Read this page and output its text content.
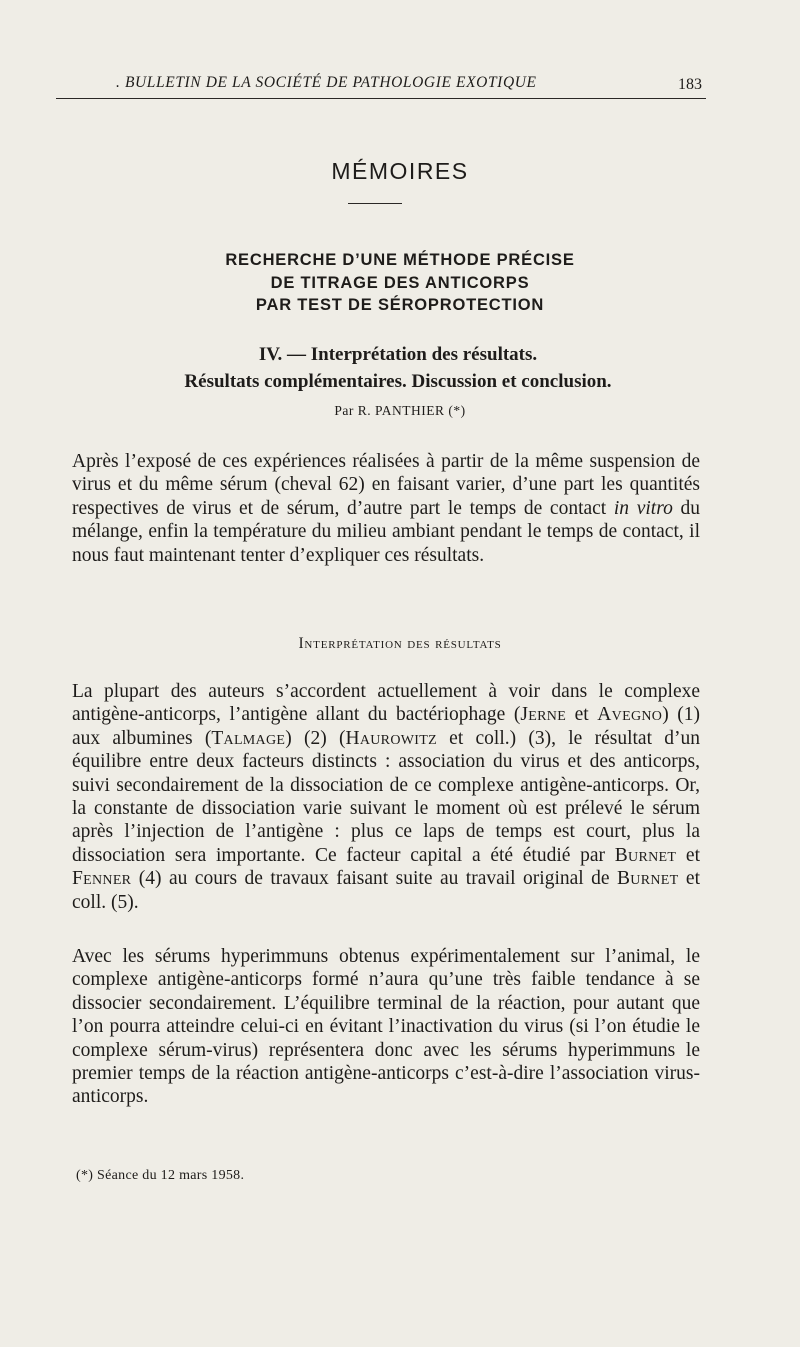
. BULLETIN DE LA SOCIÉTÉ DE PATHOLOGIE EXOTIQUE	183
MÉMOIRES
RECHERCHE D’UNE MÉTHODE PRÉCISE
DE TITRAGE DES ANTICORPS
PAR TEST DE SÉROPROTECTION
IV. — Interprétation des résultats.
Résultats complémentaires. Discussion et conclusion.
Par R. PANTHIER (*)

Après l’exposé de ces expériences réalisées à partir de la même suspension de virus et du même sérum (cheval 62) en faisant varier, d’une part les quantités respectives de virus et de sérum, d’autre part le temps de contact in vitro du mélange, enfin la température du milieu ambiant pendant le temps de contact, il nous faut maintenant tenter d’expliquer ces résultats.

Interprétation des résultats

La plupart des auteurs s’accordent actuellement à voir dans le complexe antigène-anticorps, l’antigène allant du bactériophage (Jerne et Avegno) (1) aux albumines (Talmage) (2) (Haurowitz et coll.) (3), le résultat d’un équilibre entre deux facteurs distincts : association du virus et des anticorps, suivi secondairement de la dissociation de ce complexe antigène-anticorps. Or, la constante de dissociation varie suivant le moment où est prélevé le sérum après l’injection de l’antigène : plus ce laps de temps est court, plus la dissociation sera importante. Ce facteur capital a été étudié par Burnet et Fenner (4) au cours de travaux faisant suite au travail original de Burnet et coll. (5).

Avec les sérums hyperimmuns obtenus expérimentalement sur l’animal, le complexe antigène-anticorps formé n’aura qu’une très faible tendance à se dissocier secondairement. L’équilibre terminal de la réaction, pour autant que l’on pourra atteindre celui-ci en évitant l’inactivation du virus (si l’on étudie le complexe sérum-virus) représentera donc avec les sérums hyperimmuns le premier temps de la réaction antigène-anticorps c’est-à-dire l’association virus-anticorps.

(*) Séance du 12 mars 1958.
